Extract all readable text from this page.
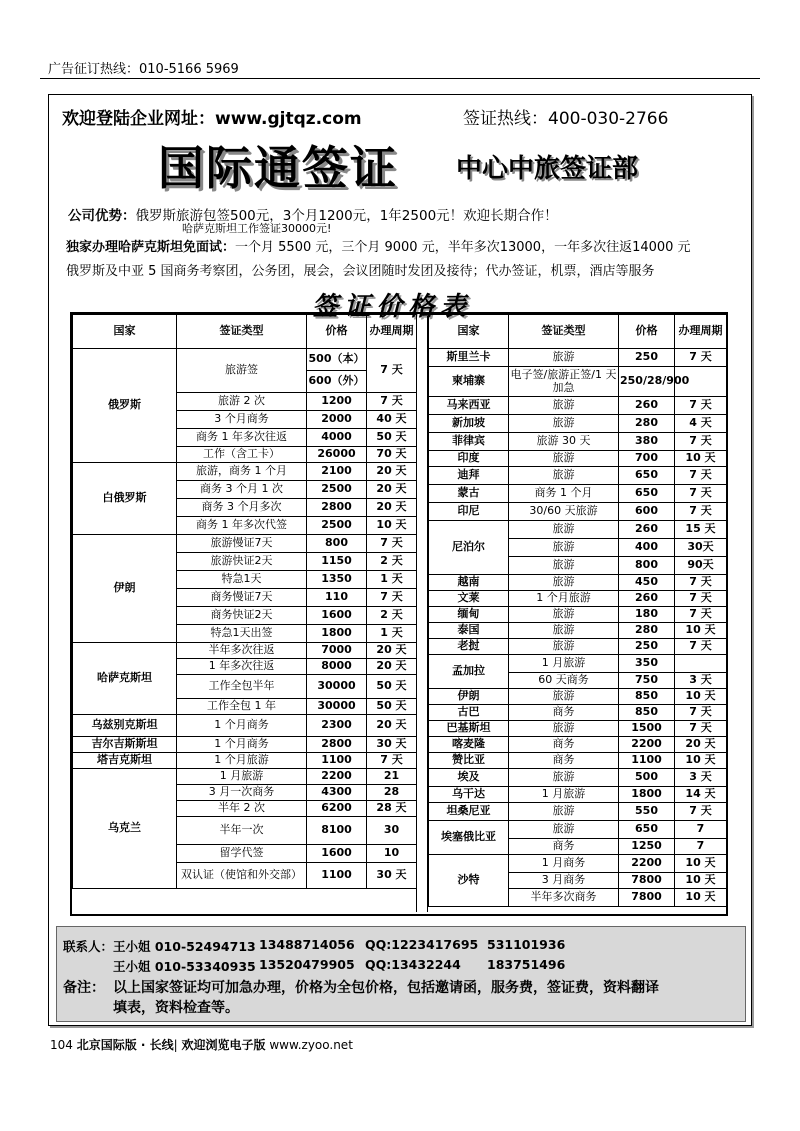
广告征订热线：010-5166 5969
欢迎登陆企业网址：www.gjtqz.com	签证热线：400-030-2766
国际通签证 中心中旅签证部
公司优势：俄罗斯旅游包签500元，3个月1200元，1年2500元！欢迎长期合作！
哈萨克斯坦工作签证30000元!
独家办理哈萨克斯坦免面试：一个月 5500 元，三个月 9000 元，半年多次13000，一年多次往返14000 元
俄罗斯及中亚 5 国商务考察团，公务团，展会，会议团随时发团及接待；代办签证，机票，酒店等服务
签证价格表
国家	签证类型	价格	办理周期
俄罗斯	旅游签	500（本）	7 天
		600（外）	
	旅游 2 次	1200	7 天
	3 个月商务	2000	40 天
	商务 1 年多次往返	4000	50 天
	工作（含工卡）	26000	70 天
白俄罗斯	旅游，商务 1 个月	2100	20 天
	商务 3 个月 1 次	2500	20 天
	商务 3 个月多次	2800	20 天
	商务 1 年多次代签	2500	10 天
伊朗	旅游慢证7天	800	7 天
	旅游快证2天	1150	2 天
	特急1天	1350	1 天
	商务慢证7天	110	7 天
	商务快证2天	1600	2 天
	特急1天出签	1800	1 天
哈萨克斯坦	半年多次往返	7000	20 天
	1 年多次往返	8000	20 天
	工作全包半年	30000	50 天
	工作全包 1 年	30000	50 天
乌兹别克斯坦	1 个月商务	2300	20 天
吉尔吉斯斯坦	1 个月商务	2800	30 天
塔吉克斯坦	1 个月旅游	1100	7 天
乌克兰	1 月旅游	2200	21
	3 月一次商务	4300	28
	半年 2 次	6200	28 天
	半年一次	8100	30
	留学代签	1600	10
	双认证（使馆和外交部）	1100	30 天
国家	签证类型	价格	办理周期
斯里兰卡	旅游	250	7 天
柬埔寨	电子签/旅游正签/1 天加急	250/28/900	
马来西亚	旅游	260	7 天
新加坡	旅游	280	4 天
菲律宾	旅游 30 天	380	7 天
印度	旅游	700	10 天
迪拜	旅游	650	7 天
蒙古	商务 1 个月	650	7 天
印尼	30/60 天旅游	600	7 天
尼泊尔	旅游	260	15 天
	旅游	400	30天
	旅游	800	90天
越南	旅游	450	7 天
文莱	1 个月旅游	260	7 天
缅甸	旅游	180	7 天
泰国	旅游	280	10 天
老挝	旅游	250	7 天
孟加拉	1 月旅游	350	
	60 天商务	750	3 天
伊朗	旅游	850	10 天
古巴	商务	850	7 天
巴基斯坦	旅游	1500	7 天
喀麦隆	商务	2200	20 天
赞比亚	商务	1100	10 天
埃及	旅游	500	3 天
乌干达	1 月旅游	1800	14 天
坦桑尼亚	旅游	550	7 天
埃塞俄比亚	旅游	650	7
	商务	1250	7
沙特	1 月商务	2200	10 天
	3 月商务	7800	10 天
	半年多次商务	7800	10 天
联系人： 王小姐 010-52494713 13488714056 QQ:1223417695 531101936
王小姐 010-53340935 13520479905 QQ:13432244 183751496
备注： 以上国家签证均可加急办理，价格为全包价格，包括邀请函，服务费，签证费，资料翻译
填表，资料检查等。
104 北京国际版 · 长线| 欢迎浏览电子版 www.zyoo.net
